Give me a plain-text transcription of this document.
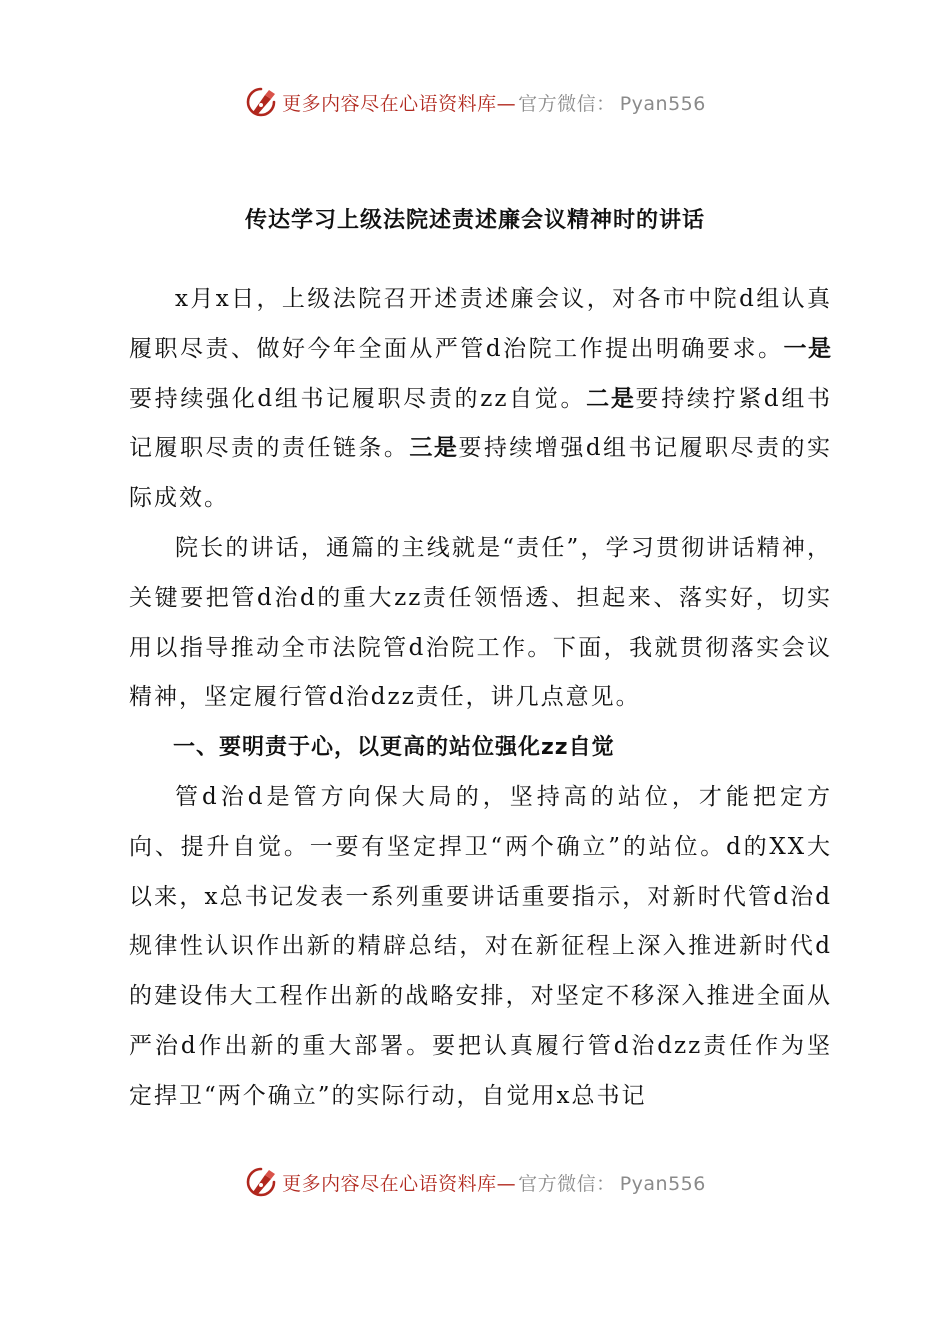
更多内容尽在心语资料库— 官方微信： Pyan556
传达学习上级法院述责述廉会议精神时的讲话

x月x日，上级法院召开述责述廉会议，对各市中院d组认真履职尽责、做好今年全面从严管d治院工作提出明确要求。一是要持续强化d组书记履职尽责的zz自觉。二是要持续拧紧d组书记履职尽责的责任链条。三是要持续增强d组书记履职尽责的实际成效。

院长的讲话，通篇的主线就是“责任”，学习贯彻讲话精神，关键要把管d治d的重大zz责任领悟透、担起来、落实好，切实用以指导推动全市法院管d治院工作。下面，我就贯彻落实会议精神，坚定履行管d治dzz责任，讲几点意见。

一、要明责于心，以更高的站位强化zz自觉

管d治d是管方向保大局的，坚持高的站位，才能把定方向、提升自觉。一要有坚定捍卫“两个确立”的站位。d的XX大以来，x总书记发表一系列重要讲话重要指示，对新时代管d治d规律性认识作出新的精辟总结，对在新征程上深入推进新时代d的建设伟大工程作出新的战略安排，对坚定不移深入推进全面从严治d作出新的重大部署。要把认真履行管d治dzz责任作为坚定捍卫“两个确立”的实际行动，自觉用x总书记

更多内容尽在心语资料库— 官方微信： Pyan556
